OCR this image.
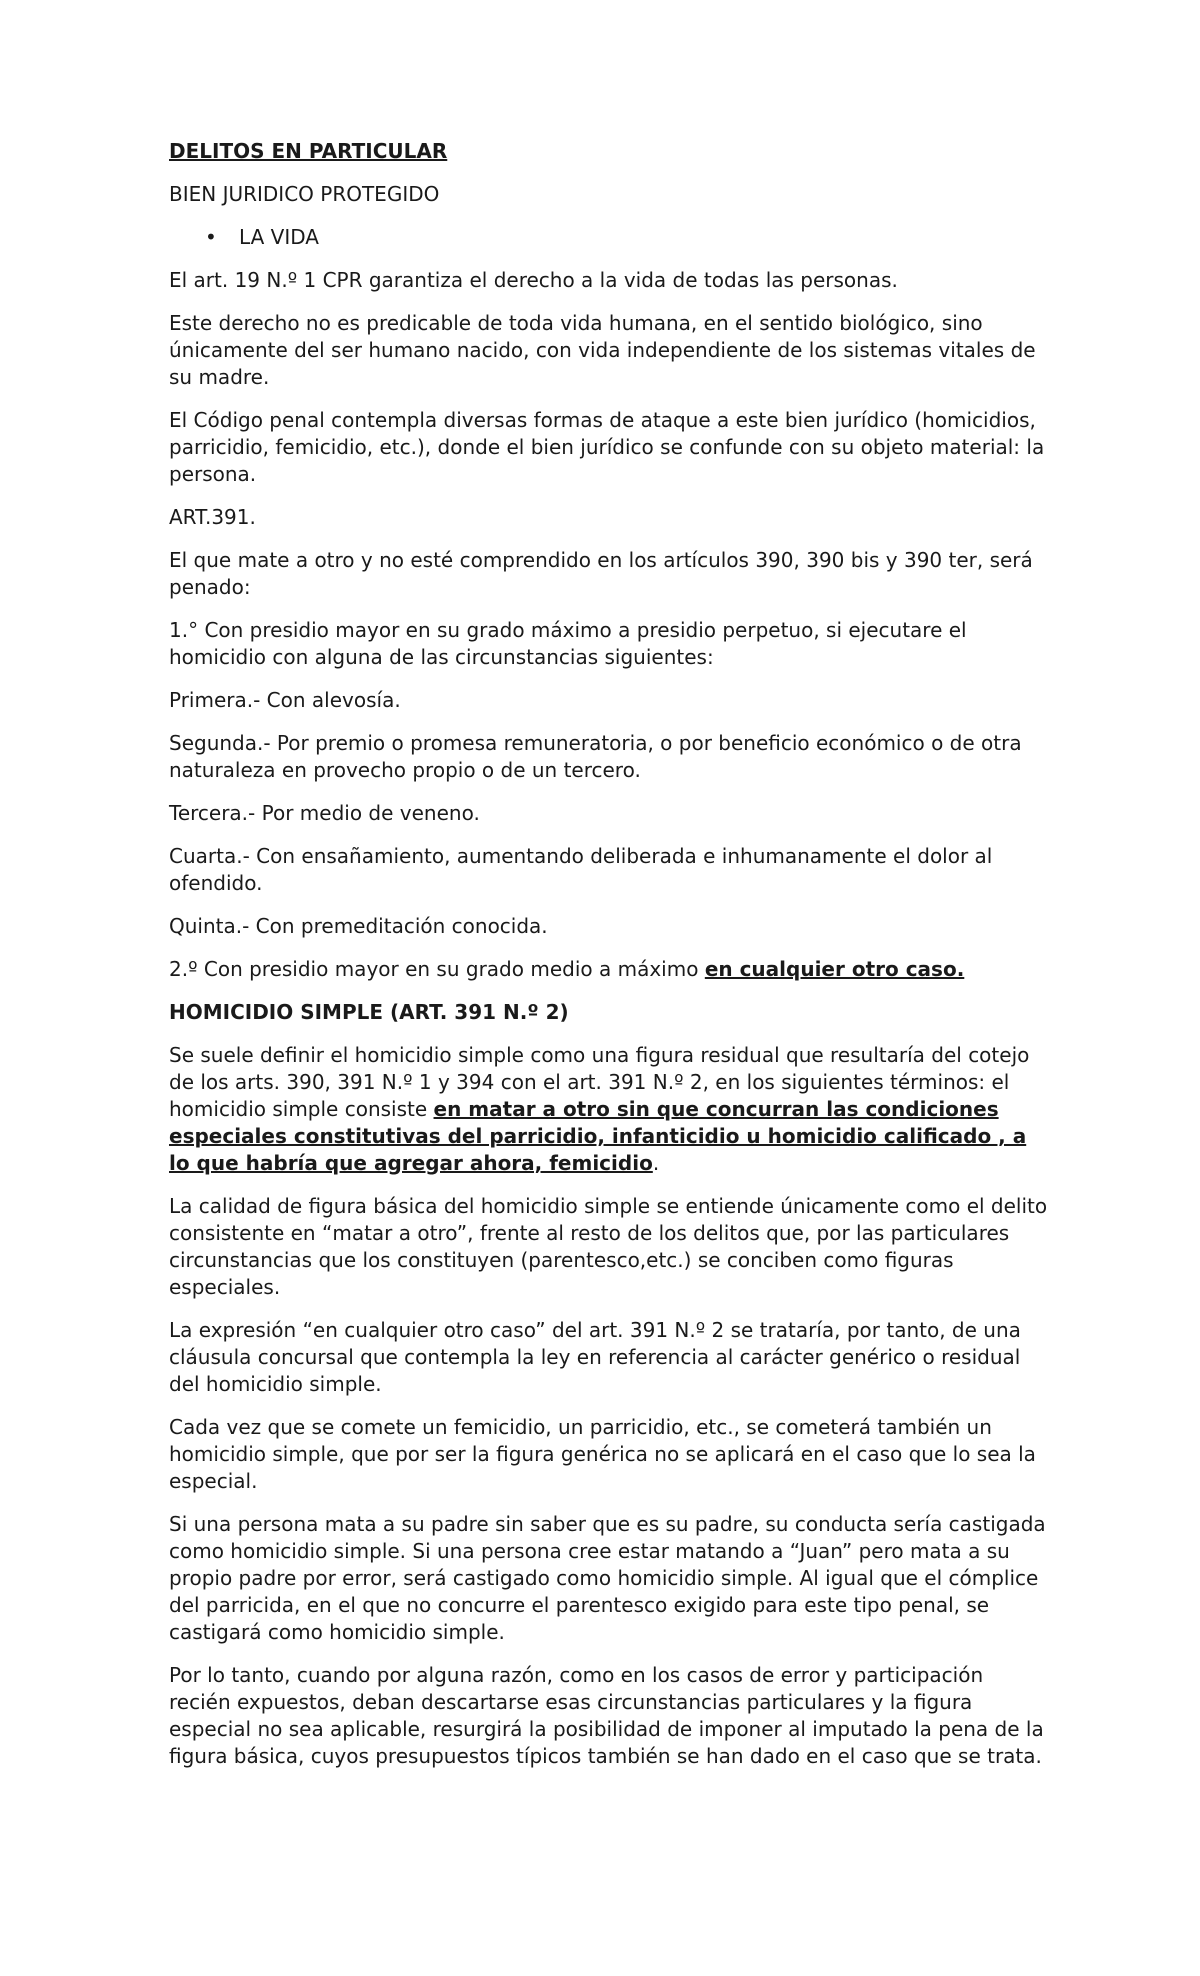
DELITOS EN PARTICULAR

BIEN JURIDICO PROTEGIDO

•	LA VIDA

El art. 19 N.º 1 CPR garantiza el derecho a la vida de todas las personas.

Este derecho no es predicable de toda vida humana, en el sentido biológico, sino únicamente del ser humano nacido, con vida independiente de los sistemas vitales de su madre.

El Código penal contempla diversas formas de ataque a este bien jurídico (homicidios, parricidio, femicidio, etc.), donde el bien jurídico se confunde con su objeto material: la persona.

ART.391.

El que mate a otro y no esté comprendido en los artículos 390, 390 bis y 390 ter, será penado:

1.° Con presidio mayor en su grado máximo a presidio perpetuo, si ejecutare el homicidio con alguna de las circunstancias siguientes:

Primera.- Con alevosía.

Segunda.- Por premio o promesa remuneratoria, o por beneficio económico o de otra naturaleza en provecho propio o de un tercero.

Tercera.- Por medio de veneno.

Cuarta.- Con ensañamiento, aumentando deliberada e inhumanamente el dolor al ofendido.

Quinta.- Con premeditación conocida.

2.º Con presidio mayor en su grado medio a máximo en cualquier otro caso.

HOMICIDIO SIMPLE (ART. 391 N.º 2)

Se suele definir el homicidio simple como una figura residual que resultaría del cotejo de los arts. 390, 391 N.º 1 y 394 con el art. 391 N.º 2, en los siguientes términos: el homicidio simple consiste en matar a otro sin que concurran las condiciones especiales constitutivas del parricidio, infanticidio u homicidio calificado , a lo que habría que agregar ahora, femicidio.

La calidad de figura básica del homicidio simple se entiende únicamente como el delito consistente en “matar a otro”, frente al resto de los delitos que, por las particulares circunstancias que los constituyen (parentesco,etc.) se conciben como figuras especiales.

La expresión “en cualquier otro caso” del art. 391 N.º 2 se trataría, por tanto, de una cláusula concursal que contempla la ley en referencia al carácter genérico o residual del homicidio simple.

Cada vez que se comete un femicidio, un parricidio, etc., se cometerá también un homicidio simple, que por ser la figura genérica no se aplicará en el caso que lo sea la especial.

Si una persona mata a su padre sin saber que es su padre, su conducta sería castigada como homicidio simple. Si una persona cree estar matando a “Juan” pero mata a su propio padre por error, será castigado como homicidio simple. Al igual que el cómplice del parricida, en el que no concurre el parentesco exigido para este tipo penal, se castigará como homicidio simple.

Por lo tanto, cuando por alguna razón, como en los casos de error y participación recién expuestos, deban descartarse esas circunstancias particulares y la figura especial no sea aplicable, resurgirá la posibilidad de imponer al imputado la pena de la figura básica, cuyos presupuestos típicos también se han dado en el caso que se trata.
